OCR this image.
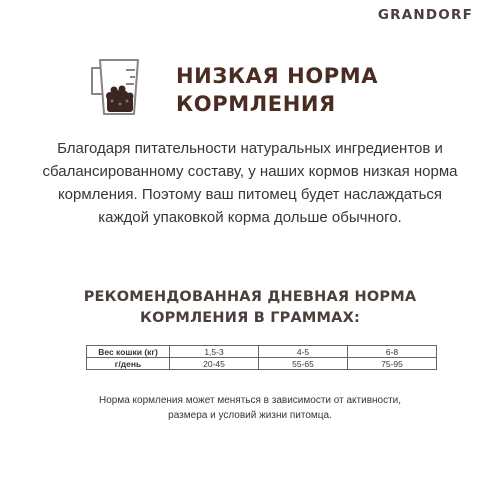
GRANDORF
НИЗКАЯ НОРМА
КОРМЛЕНИЯ
Благодаря питательности натуральных ингредиентов и
сбалансированному составу, у наших кормов низкая норма
кормления. Поэтому ваш питомец будет наслаждаться
каждой упаковкой корма дольше обычного.
РЕКОМЕНДОВАННАЯ ДНЕВНАЯ НОРМА
КОРМЛЕНИЯ В ГРАММАХ:
Вес кошки (кг)	1,5-3	4-5	6-8
г/день	20-45	55-65	75-95
Норма кормления может меняться в зависимости от активности,
размера и условий жизни питомца.
